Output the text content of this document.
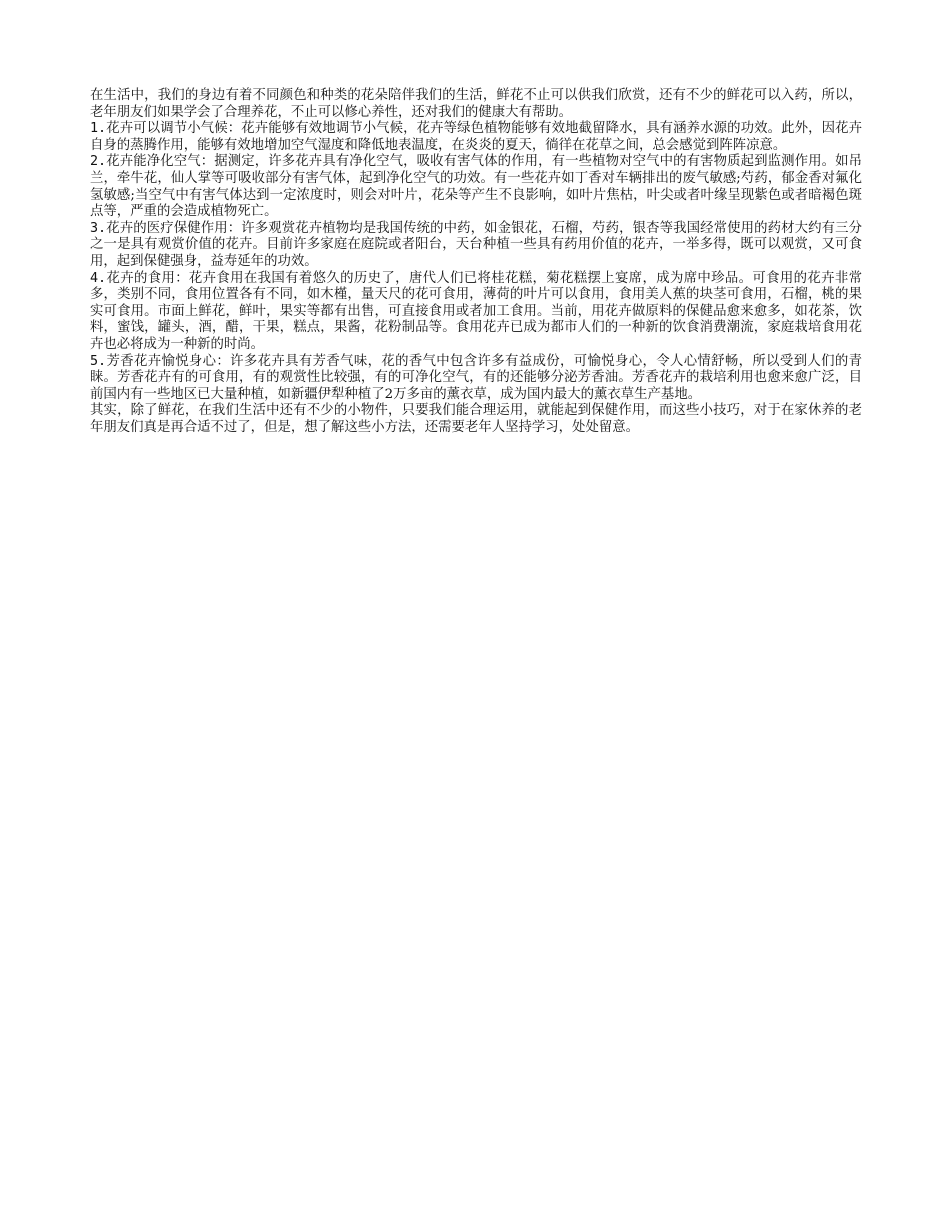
在生活中，我们的身边有着不同颜色和种类的花朵陪伴我们的生活，鲜花不止可以供我们欣赏，还有不少的鲜花可以入药，所以，老年朋友们如果学会了合理养花，不止可以修心养性，还对我们的健康大有帮助。

1.花卉可以调节小气候：花卉能够有效地调节小气候，花卉等绿色植物能够有效地截留降水，具有涵养水源的功效。此外，因花卉自身的蒸腾作用，能够有效地增加空气湿度和降低地表温度，在炎炎的夏天，徜徉在花草之间，总会感觉到阵阵凉意。

2.花卉能净化空气：据测定，许多花卉具有净化空气，吸收有害气体的作用，有一些植物对空气中的有害物质起到监测作用。如吊兰，牵牛花，仙人掌等可吸收部分有害气体，起到净化空气的功效。有一些花卉如丁香对车辆排出的废气敏感;芍药，郁金香对氟化氢敏感;当空气中有害气体达到一定浓度时，则会对叶片，花朵等产生不良影响，如叶片焦枯，叶尖或者叶缘呈现紫色或者暗褐色斑点等，严重的会造成植物死亡。

3.花卉的医疗保健作用：许多观赏花卉植物均是我国传统的中药，如金银花，石榴，芍药，银杏等我国经常使用的药材大约有三分之一是具有观赏价值的花卉。目前许多家庭在庭院或者阳台，天台种植一些具有药用价值的花卉，一举多得，既可以观赏，又可食用，起到保健强身，益寿延年的功效。

4.花卉的食用：花卉食用在我国有着悠久的历史了，唐代人们已将桂花糕，菊花糕摆上宴席，成为席中珍品。可食用的花卉非常多，类别不同，食用位置各有不同，如木槿，量天尺的花可食用，薄荷的叶片可以食用，食用美人蕉的块茎可食用，石榴，桃的果实可食用。市面上鲜花，鲜叶，果实等都有出售，可直接食用或者加工食用。当前，用花卉做原料的保健品愈来愈多，如花茶，饮料，蜜饯，罐头，酒，醋，干果，糕点，果酱，花粉制品等。食用花卉已成为都市人们的一种新的饮食消费潮流，家庭栽培食用花卉也必将成为一种新的时尚。

5.芳香花卉愉悦身心：许多花卉具有芳香气味，花的香气中包含许多有益成份，可愉悦身心，令人心情舒畅，所以受到人们的青睐。芳香花卉有的可食用，有的观赏性比较强，有的可净化空气，有的还能够分泌芳香油。芳香花卉的栽培利用也愈来愈广泛，目前国内有一些地区已大量种植，如新疆伊犁种植了2万多亩的薰衣草，成为国内最大的薰衣草生产基地。

其实，除了鲜花，在我们生活中还有不少的小物件，只要我们能合理运用，就能起到保健作用，而这些小技巧，对于在家休养的老年朋友们真是再合适不过了，但是，想了解这些小方法，还需要老年人坚持学习，处处留意。
